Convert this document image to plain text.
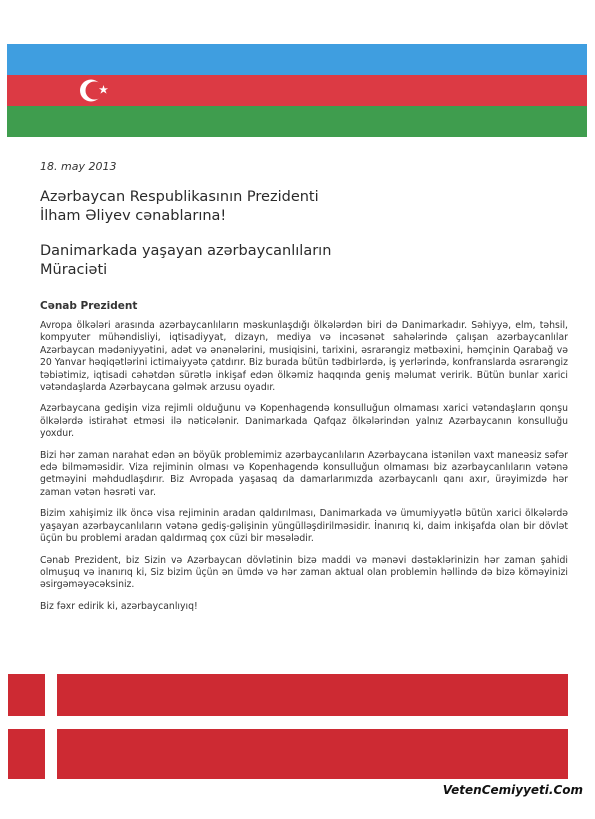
18. may 2013
Azərbaycan Respublikasının Prezidenti
İlham Əliyev cənablarına!
Danimarkada yaşayan azərbaycanlıların
Müraciəti
Cənab Prezident

Avropa ölkələri arasında azərbaycanlıların məskunlaşdığı ölkələrdən biri də Danimarkadır. Səhiyyə, elm, təhsil, kompyuter mühəndisliyi, iqtisadiyyat, dizayn, mediya və incəsənət sahələrində çalışan azərbaycanlılar Azərbaycan mədəniyyətini, adət və ənənələrini, musiqisini, tarixini, əsrarəngiz mətbəxini, həmçinin Qarabağ və 20 Yanvar həqiqətlərini ictimaiyyətə çatdırır. Biz burada bütün tədbirlərdə, iş yerlərində, konfranslarda əsrarəngiz təbiətimiz, iqtisadi cəhətdən sürətlə inkişaf edən ölkəmiz haqqında geniş məlumat veririk. Bütün bunlar xarici vətəndaşlarda Azərbaycana gəlmək arzusu oyadır.

Azərbaycana gedişin viza rejimli olduğunu və Kopenhagendə konsulluğun olmaması xarici vətəndaşların qonşu ölkələrdə istirahət etməsi ilə nəticələnir. Danimarkada Qafqaz ölkələrindən yalnız Azərbaycanın konsulluğu yoxdur.

Bizi hər zaman narahat edən ən böyük problemimiz azərbaycanlıların Azərbaycana istənilən vaxt maneəsiz səfər edə bilməməsidir. Viza rejiminin olması və Kopenhagendə konsulluğun olmaması biz azərbaycanlıların vətənə getməyini məhdudlaşdırır. Biz Avropada yaşasaq da damarlarımızda azərbaycanlı qanı axır, ürəyimizdə hər zaman vətən həsrəti var.

Bizim xahişimiz ilk öncə visa rejiminin aradan qaldırılması, Danimarkada və ümumiyyətlə bütün xarici ölkələrdə yaşayan azərbaycanlıların vətənə gediş-gəlişinin yüngülləşdirilməsidir. İnanırıq ki, daim inkişafda olan bir dövlət üçün bu problemi aradan qaldırmaq çox cüzi bir məsələdir.

Cənab Prezident, biz Sizin və Azərbaycan dövlətinin bizə maddi və mənəvi dəstəklərinizin hər zaman şahidi olmuşuq və inanırıq ki, Siz bizim üçün ən ümdə və hər zaman aktual olan problemin həllində də bizə köməyinizi əsirgəməyəcəksiniz.

Biz fəxr edirik ki, azərbaycanlıyıq!

VetenCemiyyeti.Com
